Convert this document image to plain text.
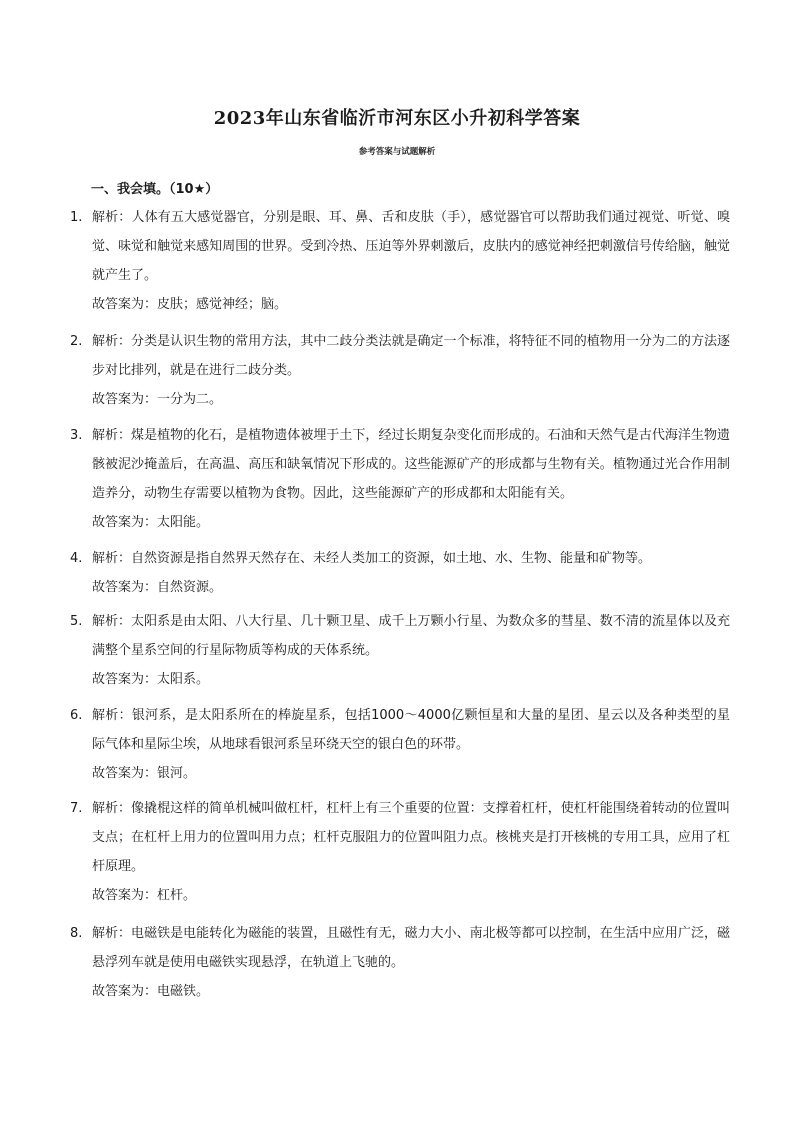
2023年山东省临沂市河东区小升初科学答案
参考答案与试题解析
一、我会填。（10★）
1. 解析：人体有五大感觉器官，分别是眼、耳、鼻、舌和皮肤（手），感觉器官可以帮助我们通过视觉、听觉、嗅觉、味觉和触觉来感知周围的世界。受到冷热、压迫等外界刺激后，皮肤内的感觉神经把刺激信号传给脑，触觉就产生了。
故答案为：皮肤；感觉神经；脑。
2. 解析：分类是认识生物的常用方法，其中二歧分类法就是确定一个标准，将特征不同的植物用一分为二的方法逐步对比排列，就是在进行二歧分类。
故答案为：一分为二。
3. 解析：煤是植物的化石，是植物遗体被埋于土下，经过长期复杂变化而形成的。石油和天然气是古代海洋生物遗骸被泥沙掩盖后，在高温、高压和缺氧情况下形成的。这些能源矿产的形成都与生物有关。植物通过光合作用制造养分，动物生存需要以植物为食物。因此，这些能源矿产的形成都和太阳能有关。
故答案为：太阳能。
4. 解析：自然资源是指自然界天然存在、未经人类加工的资源，如土地、水、生物、能量和矿物等。
故答案为：自然资源。
5. 解析：太阳系是由太阳、八大行星、几十颗卫星、成千上万颗小行星、为数众多的彗星、数不清的流星体以及充满整个星系空间的行星际物质等构成的天体系统。
故答案为：太阳系。
6. 解析：银河系，是太阳系所在的棒旋星系，包括1000～4000亿颗恒星和大量的星团、星云以及各种类型的星际气体和星际尘埃，从地球看银河系呈环绕天空的银白色的环带。
故答案为：银河。
7. 解析：像撬棍这样的简单机械叫做杠杆，杠杆上有三个重要的位置：支撑着杠杆，使杠杆能围绕着转动的位置叫支点；在杠杆上用力的位置叫用力点；杠杆克服阻力的位置叫阻力点。核桃夹是打开核桃的专用工具，应用了杠杆原理。
故答案为：杠杆。
8. 解析：电磁铁是电能转化为磁能的装置，且磁性有无，磁力大小、南北极等都可以控制，在生活中应用广泛，磁悬浮列车就是使用电磁铁实现悬浮，在轨道上飞驰的。
故答案为：电磁铁。
